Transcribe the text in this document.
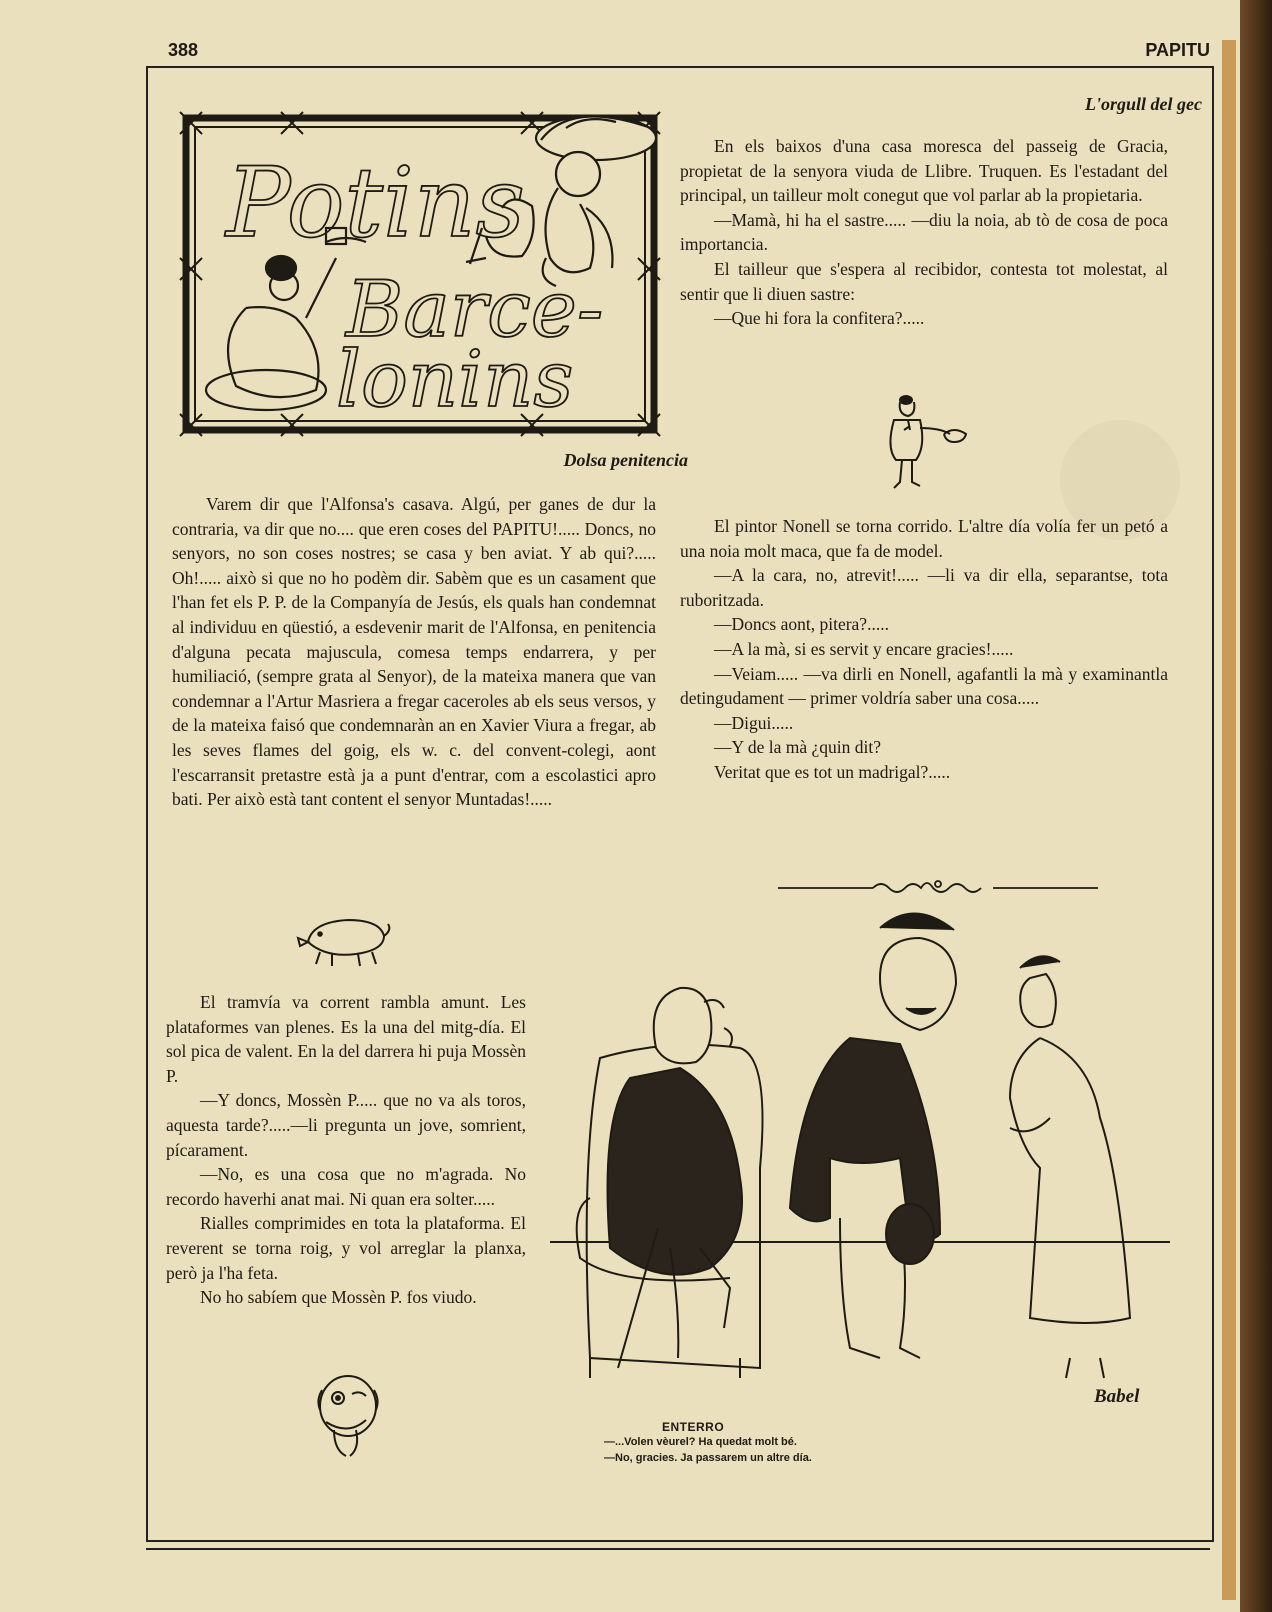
388	PAPITU
Potins
Barce-
lonins
Dolsa penitencia

Varem dir que l'Alfonsa's casava. Algú, per ganes de dur la contraria, va dir que no.... que eren coses del PAPITU!..... Doncs, no senyors, no son coses nostres; se casa y ben aviat. Y ab qui?..... Oh!..... això si que no ho podèm dir. Sabèm que es un casament que l'han fet els P. P. de la Companyía de Jesús, els quals han condemnat al individuu en qüestió, a esdevenir marit de l'Alfonsa, en penitencia d'alguna pecata majuscula, comesa temps endarrera, y per humiliació, (sempre grata al Senyor), de la mateixa manera que van condemnar a l'Artur Masriera a fregar caceroles ab els seus versos, y de la mateixa faisó que condemnaràn an en Xavier Viura a fregar, ab les seves flames del goig, els w. c. del convent-colegi, aont l'escarransit pretastre està ja a punt d'entrar, com a escolastici apro bati. Per això està tant content el senyor Muntadas!.....

El tramvía va corrent rambla amunt. Les plataformes van plenes. Es la una del mitg-día. El sol pica de valent. En la del darrera hi puja Mossèn P.

—Y doncs, Mossèn P..... que no va als toros, aquesta tarde?.....—li pregunta un jove, somrient, pícarament.

—No, es una cosa que no m'agrada. No recordo haverhi anat mai. Ni quan era solter.....

Rialles comprimides en tota la plataforma. El reverent se torna roig, y vol arreglar la planxa, però ja l'ha feta.

No ho sabíem que Mossèn P. fos viudo.

L'orgull del gec

En els baixos d'una casa moresca del passeig de Gracia, propietat de la senyora viuda de Llibre. Truquen. Es l'estadant del principal, un tailleur molt conegut que vol parlar ab la propietaria.

—Mamà, hi ha el sastre..... —diu la noia, ab tò de cosa de poca importancia.

El tailleur que s'espera al recibidor, contesta tot molestat, al sentir que li diuen sastre:

—Que hi fora la confitera?.....

El pintor Nonell se torna corrido. L'altre día volía fer un petó a una noia molt maca, que fa de model.

—A la cara, no, atrevit!..... —li va dir ella, separantse, tota ruboritzada.

—Doncs aont, pitera?.....

—A la mà, si es servit y encare gracies!.....

—Veiam..... —va dirli en Nonell, agafantli la mà y examinantla detingudament — primer voldría saber una cosa.....

—Digui.....

—Y de la mà ¿quin dit?

Veritat que es tot un madrigal?.....

Babel
ENTERRO
—...Volen vèurel? Ha quedat molt bé.
—No, gracies. Ja passarem un altre día.
